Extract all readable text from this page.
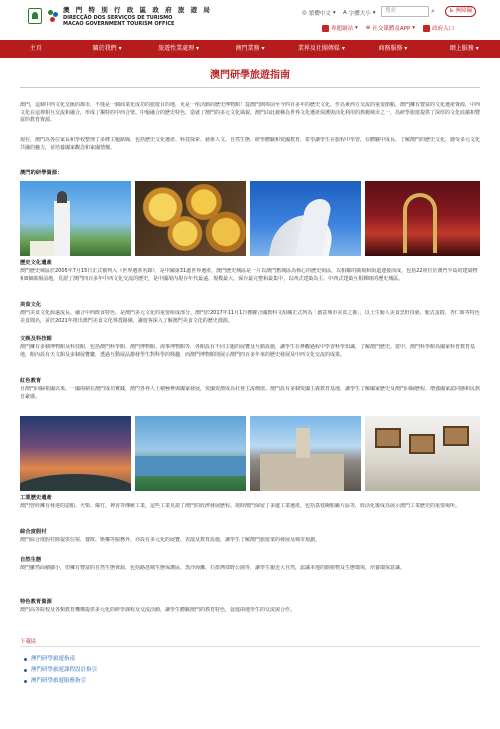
澳 門 特 別 行 政 區 政 府 旅 遊 局
DIRECÇÃO DOS SERVIÇOS DE TURISMO
MACAO GOVERNMENT TOURISM OFFICE
◎ 繁體中文 ▾ A 字體大小 ▾	搜索	⌕	♿ 無障礙
專題網站 ▾ ⊕ 社交媒體及APP ▾	政府入口
主頁	關於我們 ▾	旅遊性業處理 ▾	澳門業務 ▾	業界及社團傳媒 ▾	商務服務 ▾	網上服務 ▾
澳門研學旅遊指南
澳門，這個中西文化交匯的都市，不僅是一個商業化成功的旅遊目的地，更是一座活動的歷史博物館！從澳門開埠前至今四百多年的歷史文化，作為東西方交流的重要節點，澳門擁有豐富的文化遺產資源，中西文化在這裡相互交流和融合，形成了獨特的中西合璧、中葡融合的歷史特色，造就了澳門的多元文化風貌，澳門由此被稱為世界文化遺產保護與活化利用的典範城市之一，為研學旅遊提供了深厚的文化底蘊和豐富的教育資源。
現在，澳門為各位家長和學校整理了多條主題路線，包括歷史文化遺產、科技探索、藝術人文、自然生態、研學體驗和愛國教育，希望讓學生在旅程中學習，在體驗中成長，了解澳門的歷史文化，感受多元文化共融的魅力，並培養國家觀念和家國情懷。
澳門的研學資源：
歷史文化遺產
澳門歷史城區於2005年7月15日正式被列入《世界遺產名錄》，是中國第31處世界遺產，澳門歷史城區是一片以澳門舊城區為核心的歷史街區，以相鄰的廣場和街道連接而成，包括22座位於澳門半島的建築物和8個廣場前地，見證了澳門四百多年中西文化交流的歷史，是中國境內現存年代最遠、規模最大、保存最完整和最集中，以西式建築為主、中西式建築互相輝映的歷史城區。
美食文化
澳門美食文化源遠流長，融合中西飲食特色，是澳門多元文化的重要組成部分。澳門於2017年11月1日獲聯合國教科文組織正式列為「創意城市美食之都」，以土生葡人美食烹飪技藝、葡式蛋撻、杏仁餅等特色美食聞名，並於2021年推出澳門美食文化導賞路線，讓遊客深入了解澳門美食文化的歷史淵源。
文娛及科技館
澳門擁有多個博物館及科技館，包括澳門科學館、澳門博物館、海事博物館等，各館設有不同主題的展覽及互動設施，讓學生在參觀過程中學習科學知識，了解澳門歷史。當中，澳門科學館為國家科普教育基地，館內設有天文館及多個展覽廳，透過互動展品激發學生對科學的興趣，而澳門博物館則展示澳門四百多年來的歷史發展及中西文化交流的成果。
紅色教育
自澳門回歸祖國以來，一國兩制在澳門成功實踐，澳門各界人士積極參與國家發展，愛國愛澳成為社會主流價值。澳門設有多個愛國主義教育基地，讓學生了解國家歷史及澳門回歸歷程，增強國家認同感和民族自豪感。
工業歷史遺產
澳門曾經擁有發達的造船、火柴、爆竹、神香等傳統工業，這些工業見證了澳門的經濟發展歷程。現時澳門保留了多處工業遺產，包括荔枝碗船廠片區等，經活化後成為展示澳門工業歷史的重要場所。
綜合度假村
澳門綜合度假村除提供住宿、餐飲、娛樂等服務外，亦設有多元化的展覽、表演及教育設施，讓學生了解澳門旅遊業的發展及城市規劃。
自然生態
澳門雖然面積細小，但擁有豐富的自然生態資源，包括路氹城生態保護區、黑沙海灘、石排灣郊野公園等，讓學生親近大自然，認識本地的動植物及生態環境，培養環保意識。
特色教育資源
澳門高等院校及各類教育機構提供多元化的研學課程及交流活動，讓學生體驗澳門的教育特色，促進兩地學生的交流與合作。
下載區
澳門研學旅遊指南
澳門研學旅遊課程設計指引
澳門研學旅遊服務指引
